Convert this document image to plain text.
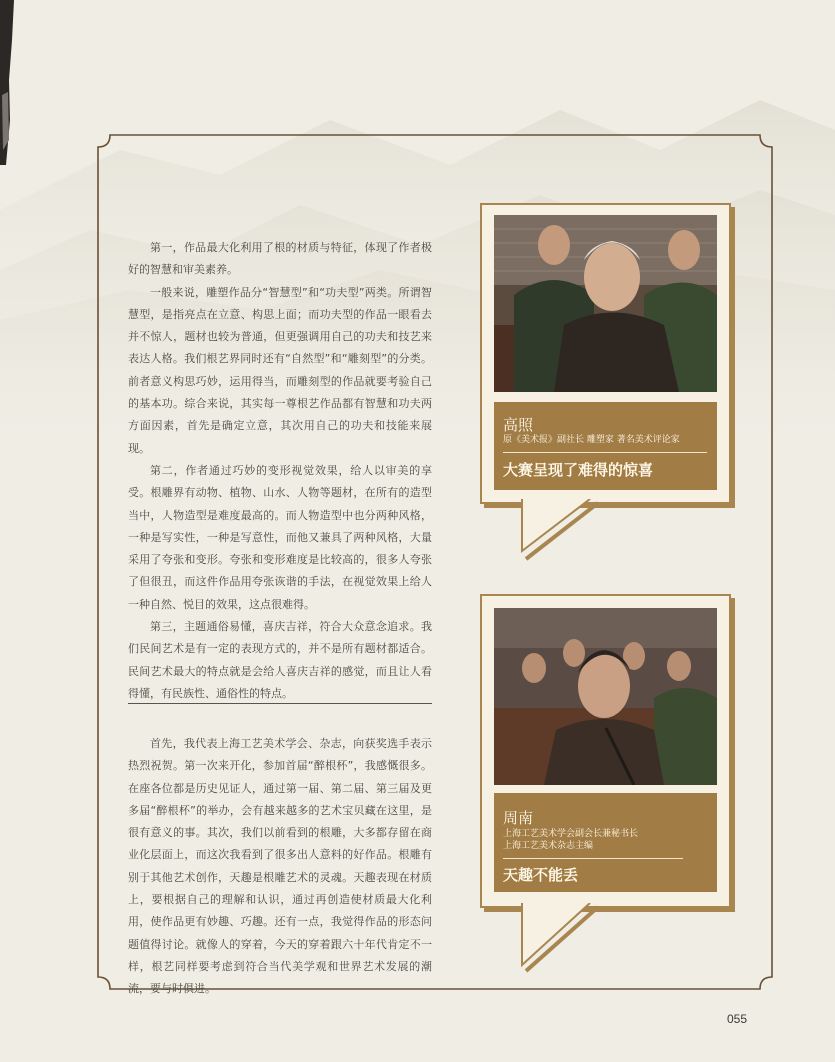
第一，作品最大化利用了根的材质与特征，体现了作者极好的智慧和审美素养。

一般来说，雕塑作品分“智慧型”和“功夫型”两类。所谓智慧型，是指亮点在立意、构思上面；而功夫型的作品一眼看去并不惊人，题材也较为普通，但更强调用自己的功夫和技艺来表达人格。我们根艺界同时还有“自然型”和“雕刻型”的分类。前者意义构思巧妙，运用得当，而雕刻型的作品就要考验自己的基本功。综合来说，其实每一尊根艺作品都有智慧和功夫两方面因素，首先是确定立意，其次用自己的功夫和技能来展现。

第二，作者通过巧妙的变形视觉效果，给人以审美的享受。根雕界有动物、植物、山水、人物等题材，在所有的造型当中，人物造型是难度最高的。而人物造型中也分两种风格，一种是写实性，一种是写意性，而他又兼具了两种风格，大量采用了夸张和变形。夸张和变形难度是比较高的，很多人夸张了但很丑，而这件作品用夸张诙谐的手法，在视觉效果上给人一种自然、悦目的效果，这点很难得。

第三，主题通俗易懂，喜庆吉祥，符合大众意念追求。我们民间艺术是有一定的表现方式的，并不是所有题材都适合。民间艺术最大的特点就是会给人喜庆吉祥的感觉，而且让人看得懂，有民族性、通俗性的特点。

首先，我代表上海工艺美术学会、杂志，向获奖选手表示热烈祝贺。第一次来开化，参加首届“醉根杯”，我感慨很多。在座各位都是历史见证人，通过第一届、第二届、第三届及更多届“醉根杯”的举办，会有越来越多的艺术宝贝藏在这里，是很有意义的事。其次，我们以前看到的根雕，大多都存留在商业化层面上，而这次我看到了很多出人意料的好作品。根雕有别于其他艺术创作，天趣是根雕艺术的灵魂。天趣表现在材质上，要根据自己的理解和认识，通过再创造使材质最大化利用，使作品更有妙趣、巧趣。还有一点，我觉得作品的形态问题值得讨论。就像人的穿着，今天的穿着跟六十年代肯定不一样，根艺同样要考虑到符合当代美学观和世界艺术发展的潮流，要与时俱进。

高照
原《美术报》副社长 雕塑家 著名美术评论家
大赛呈现了难得的惊喜
周南
上海工艺美术学会副会长兼秘书长
上海工艺美术杂志主编
天趣不能丢
055
